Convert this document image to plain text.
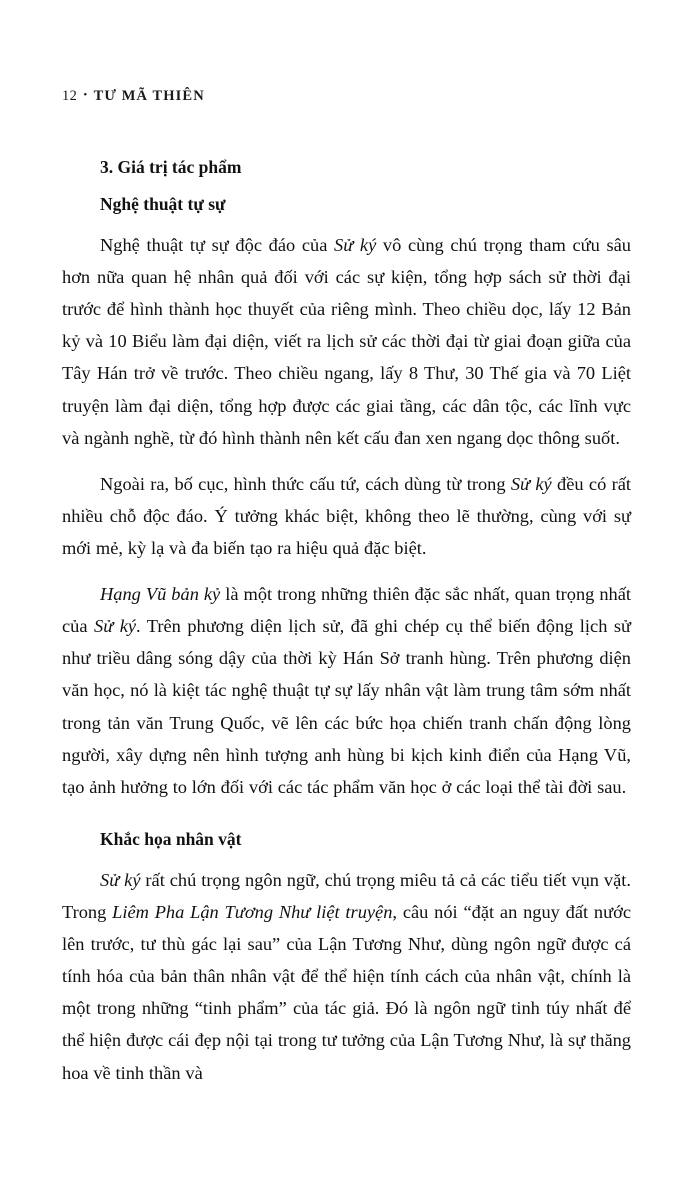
12 • TƯ MÃ THIÊN
3. Giá trị tác phẩm
Nghệ thuật tự sự

Nghệ thuật tự sự độc đáo của Sử ký vô cùng chú trọng tham cứu sâu hơn nữa quan hệ nhân quả đối với các sự kiện, tổng hợp sách sử thời đại trước để hình thành học thuyết của riêng mình. Theo chiều dọc, lấy 12 Bản kỷ và 10 Biểu làm đại diện, viết ra lịch sử các thời đại từ giai đoạn giữa của Tây Hán trở về trước. Theo chiều ngang, lấy 8 Thư, 30 Thế gia và 70 Liệt truyện làm đại diện, tổng hợp được các giai tầng, các dân tộc, các lĩnh vực và ngành nghề, từ đó hình thành nên kết cấu đan xen ngang dọc thông suốt.

Ngoài ra, bố cục, hình thức cấu tứ, cách dùng từ trong Sử ký đều có rất nhiều chỗ độc đáo. Ý tưởng khác biệt, không theo lẽ thường, cùng với sự mới mẻ, kỳ lạ và đa biến tạo ra hiệu quả đặc biệt.

Hạng Vũ bản kỷ là một trong những thiên đặc sắc nhất, quan trọng nhất của Sử ký. Trên phương diện lịch sử, đã ghi chép cụ thể biến động lịch sử như triều dâng sóng dậy của thời kỳ Hán Sở tranh hùng. Trên phương diện văn học, nó là kiệt tác nghệ thuật tự sự lấy nhân vật làm trung tâm sớm nhất trong tản văn Trung Quốc, vẽ lên các bức họa chiến tranh chấn động lòng người, xây dựng nên hình tượng anh hùng bi kịch kinh điển của Hạng Vũ, tạo ảnh hưởng to lớn đối với các tác phẩm văn học ở các loại thể tài đời sau.

Khắc họa nhân vật

Sử ký rất chú trọng ngôn ngữ, chú trọng miêu tả cả các tiểu tiết vụn vặt. Trong Liêm Pha Lận Tương Như liệt truyện, câu nói “đặt an nguy đất nước lên trước, tư thù gác lại sau” của Lận Tương Như, dùng ngôn ngữ được cá tính hóa của bản thân nhân vật để thể hiện tính cách của nhân vật, chính là một trong những “tinh phẩm” của tác giả. Đó là ngôn ngữ tinh túy nhất để thể hiện được cái đẹp nội tại trong tư tưởng của Lận Tương Như, là sự thăng hoa về tinh thần và
